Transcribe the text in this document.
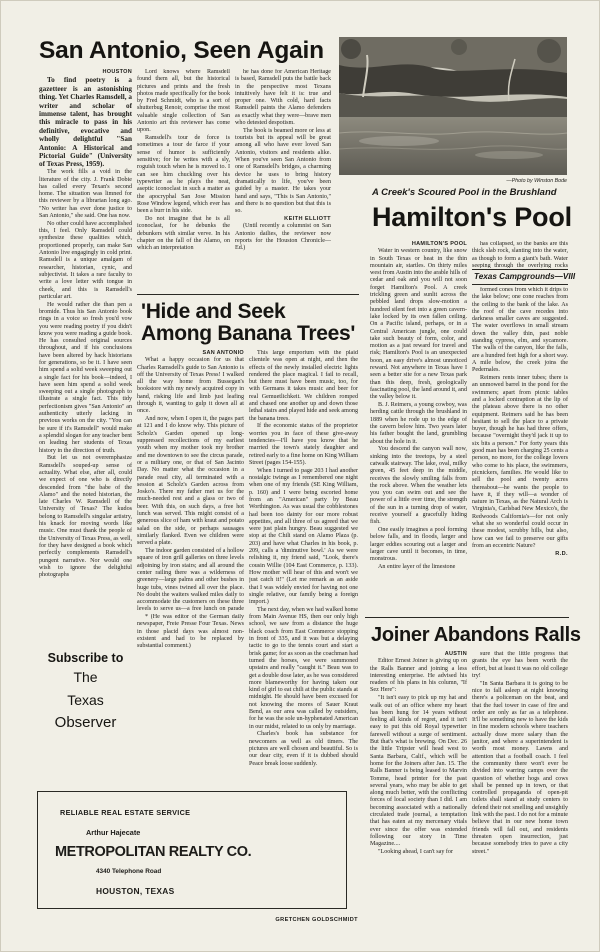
San Antonio, Seen Again
HOUSTON

To find poetry is a gazetteer is an astonishing thing. Yet Charles Ramsdell, a writer and scholar of immense talent, has brought this miracle to pass in his definitive, evocative and wholly delightful "San Antonio: A Historical and Pictorial Guide" (University of Texas Press, 1959).

The work fills a void in the literature of the city. J. Frank Dobie has called every Texan's second home. The situation was limned for this reviewer by a librarian long ago. "No writer has ever done justice to San Antonio," she said. One has now.

No other could have accomplished this, I feel. Only Ramsdell could synthesize these qualities which, proportioned properly, can make San Antonio live engagingly in cold print. Ramsdell is a unique amalgam of researcher, historian, cynic, and subjectivist. It takes a rare faculty to write a love letter with tongue in cheek, and this is Ramsdell's particular art.

He would rather die than pen a bromide. Thus his San Antonio book rings in a voice so fresh you'd vow you were reading poetry if you didn't know you were reading a guide book. He has consulted original sources throughout, and if his conclusions have been altered by hack historians for generations, so be it. I have seen him spend a solid week sweeping out a single fact for his book—indeed, I have seen him spend a solid week sweeping out a single photograph to illustrate a single fact. This tidy perfectionism gives "San Antonio" an authenticity utterly lacking in previous works on the city. "You can be sure if it's Ramsdell" would make a splendid slogan for any teacher bent on leading her students of Texas history in the direction of truth.

But let us not overemphasize Ramsdell's souped-up sense of actuality. What else, after all, could we expect of one who is directly descended from "the babe of the Alamo" and the noted historian, the late Charles W. Ramsdell of the University of Texas? The kudos belong to Ramsdell's singular artistry, his knack for moving words like music. One must thank the people of the University of Texas Press, as well, for they have designed a book which perfectly complements Ramsdell's pungent narrative. Nor would one wish to ignore the delightful photographs

Lord knows where Ramsdell found them all, but the historical pictures and prints and the fresh photos made specifically for the book by Fred Schmidt, who is a sort of shutterbug Renoir, comprise the most valuable single collection of San Antonio art this reviewer has come upon.

Ramsdell's tour de force is sometimes a tour de farce if your sense of humor is sufficiently sensitive; for he writes with a sly, roguish touch when he is moved to. I can see him chuckling over his typewriter as he plays the neat, aseptic iconoclast in such a matter as the apocryphal San Jose Mission Rose Window legend, which ever has been a burr in his side.

Do not imagine that he is all iconoclast, for he debunks the debunkers with similar verve. In his chapter on the fall of the Alamo, on which an interpretation

he has done for American Heritage is based, Ramsdell puts the battle back in the perspective most Texans intuitively have felt it is: true and proper one. With cold, hard facts Ramsdell paints the Alamo defenders as exactly what they were—brave men who detested despotism.

The book is beamed more or less at tourists but its appeal will be great among all who have ever loved San Antonio, visitors and residents alike. When you've seen San Antonio from one of Ramsdell's bridges, a charming device he uses to bring history dramatically to life, you've been guided by a master. He takes your hand and says, "This is San Antonio," and there is no question but that this is so.

KEITH ELLIOTT

(Until recently a columnist on San Antonio dailies, the reviewer now reports for the Houston Chronicle—Ed.)

—Photo by Winston Bode
A Creek's Scoured Pool in the Brushland
Hamilton's Pool
HAMILTON'S POOL

Water in western country, like snow in South Texas or heat in the thin mountain air, startles. On thirty miles west from Austin into the arable hills of cedar and oak and you will not soon forget Hamilton's Pool. A creek trickling green and sunlit across the pebbled land drops slow-motion a hundred silent feet into a green cavern-lake locked by its own fallen ceiling. On a Pacific island, perhaps, or in a Central American jungle, one could take such beauty of form, color, and motion as a just reward for travel and risk; Hamilton's Pool is an unexpected boon, an easy drive's almost unnoticed reward. Not anywhere in Texas have I seen a better site for a new Texas park than this deep, fresh, geologically fascinating pool, the land around it, and the valley below it.

B. J. Reimers, a young cowboy, was herding cattle through the brushland in 1889 when he rode up to the edge of the cavern below him. Two years later his father bought the land, grumbling about the hole in it.

You descend the canyon wall now, sinking into the treetops, by a steel catwalk stairway. The lake, oval, milky green, 45 feet deep in the middle, receives the slowly smiling falls from the rock above. When the weather lets you you can swim out and see the power of a little over time, the strength of the sun in a turning drop of water, receive yourself a gracefully hiding fish.

One easily imagines a pool forming below falls, and in floods, larger and larger eddies scouring out a larger and larger cave until it becomes, in time, monstrous.

An entire layer of the limestone

has collapsed, so the banks are this thick slab rock, slanting into the water, as though to form a giant's bath. Water seeping through the overlying rocks

Texas Campgrounds—VIII

formed cones from which it drips to the lake below; one cone reaches from the ceiling to the bank of the lake. As the roof of the cave recedes into darkness smaller caves are suggested. The water overflows in small stream down the valley thin, past noble standing cypress, elm, and sycamore. The walls of the canyon, like the falls, are a hundred feet high for a short way. A mile below, the creek joins the Pedernales.

Reimers rents inner tubes; there is an unmowed barrel in the pond for the swimmers; apart from picnic tables and a locked contraption at the lip of the plateau above there is no other equipment. Reimers said he has been hesitant to sell the place to a private buyer, though he has had three offers, because "overnight they'd jack it up to six bits a person." For forty years this good man has been charging 25 cents a person, no more, for the college lovers who come to his place, the swimmers, picnickers, families. He would like to sell the pool and twenty acres thereabout—he wants the people to have it, if they will—a wonder of nature in Texas, as the Natural Arch is Virginia's, Carlsbad New Mexico's, the Redwoods California's—for not only what she so wonderful could occur in these modest, scrubby hills, but also, how can we fail to preserve our gifts from an eccentric Nature?

R.D.
'Hide and Seek
Among Banana Trees'
SAN ANTONIO

What a happy occasion for us that Charles Ramsdell's guide to San Antonio is off the University of Texas Press! I walked all the way home from Bussegan's bookstore with my newly acquired copy in hand, risking life and limb just leafing through it, wanting to gulp it down all at once.

And now, when I open it, the pages part at 121 and I do know why. This picture of Scholz's Garden opened up long-suppressed recollections of my earliest youth when my mother took my brother and me downtown to see the circus parade, or a military one, or that of San Jacinto Day. No matter what the occasion in a parade read city, all terminated with a session at Scholz's Garden across from Josko's. There my father met us for the much-needed rest and a glass or two of beer. With this, on such days, a free hot lunch was served. This might consist of a generous slice of ham with kraut and potato salad on the side, or perhaps sausages similarly flanked. Even we children were served a plate.

The indoor garden consisted of a hollow square of iron grill galleries on three levels adjoining by iron stairs; and all around the center railing there was a wilderness of greenery—large palms and other bushes in huge tubs, vines twined all over the place. No doubt the waiters walked miles daily to accommodate the customers on these three levels to serve us—a free lunch on parade

* (He was editor of the German daily newspaper, Freie Presse Four Texas. News in those placid days was almost non-existent and had to be replaced by substantial comment.)

This large emporium with the plaid clientele was open at night, and then the effects of the newly installed electric lights rendered the place magical. I fail to recall, but there must have been music, too, for with Germans it takes music and beer for real Gemuetlichkeit. We children romped and chased one another up and down those lethal stairs and played hide and seek among the banana trees.

If the economic status of the proprietor worries you in face of these give-away tendencies—I'll have you know that he married the town's stately daughter and retired early to a fine home on King William Street (pages 154-155).

When I turned to page 203 I had another nostalgic twinge as I remembered one night when one of my friends (SE King William, p. 160) and I were being escorted home from an "American" party by Beau Worthington. As was usual the cobblestones had been too dainty for our more robust appetites, and all three of us agreed that we were just plain hungry. Beau suggested we stop at the Chili stand on Alamo Plaza (p. 203) and have what Charles in his book, p. 209, calls a 'diminutive bowl.' As we were relishing it, my friend said, "Look, there's cousin Willie (104 East Commerce, p. 133). How mother will hear of this and won't we just catch it!" (Let me remark as an aside that I was widely envied for having not one single relative, our family being a foreign import.)

The next day, when we had walked home from Main Avenue HS, then our only high school, we saw from a distance the huge black coach from East Commerce stopping in front of 335, and it was but a delaying tactic to go to the tennis court and start a brisk game; for as soon as the coachman had turned the horses, we were summoned upstairs and really "caught it." Beau was to get a double dose later, as he was considered more blameworthy for having taken our kind of girl to eat chili at the public stands at midnight. He should have been excused for not knowing the mores of Sauer Kraut Bend, as our area was called by outsiders, for he was the sole un-hyphenated American in our midst, related to us only by marriage.

Charles's book has substance for newcomers as well as old timers. The pictures are well chosen and beautiful. So is our dear city, even if it is dubbed should Peace break loose suddenly.

GRETCHEN GOLDSCHMIDT
Joiner Abandons Ralls
AUSTIN

Editor Ernest Joiner is giving up on the Ralls Banner and joining a less interesting enterprise. He advised his readers of his plans in his column, "If Sez Here":

"It isn't easy to pick up my hat and walk out of an office where my heart has been hung for 14 years without feeling all kinds of regret, and it isn't easy to put this old Royal typewriter farewell without a surge of sentiment. But that's what is brewing. On Dec. 26 the little Tripster will head west to Santa Barbara, Calif., which will be home for the Joiners after Jan. 15. The Ralls Banner is being leased to Marvin Tomme, head printer for the past several years, who may be able to get along much better, with the conflicting forces of local society than I did. I am becoming associated with a nationally circulated trade journal, a temptation that has eaten at my mercenary vitals ever since the offer was extended following our story in Time Magazine....

"Looking ahead, I can't say for

sure that the little progress that grants the eye has been worth the effort, but at least it was no old college try!

"In Santa Barbara it is going to be nice to fall asleep at night knowing there's a policeman on the beat, and that the fuel tower in case of fire and order are only as far as a telephone. It'll be something new to have the kids in fine modern schools where teachers actually draw more salary than the janitor, and where a superintendent is worth most money. Lawns and attention that a football coach. I feel the community there won't ever be divided into warring camps over the question of whether hogs and cows shall be penned up in town, or that controlled propaganda of open-pit toilets shall stand at study centers to defend their not smelling and unsightly link with the past. I do not for a minute believe that in our new home town friends will fall out, and residents threaten open insurrection, just because somebody tries to pave a city street."

Subscribe to
The
Texas
Observer
RELIABLE REAL ESTATE SERVICE
Arthur Hajecate
METROPOLITAN REALTY CO.
4340 Telephone Road
HOUSTON, TEXAS
